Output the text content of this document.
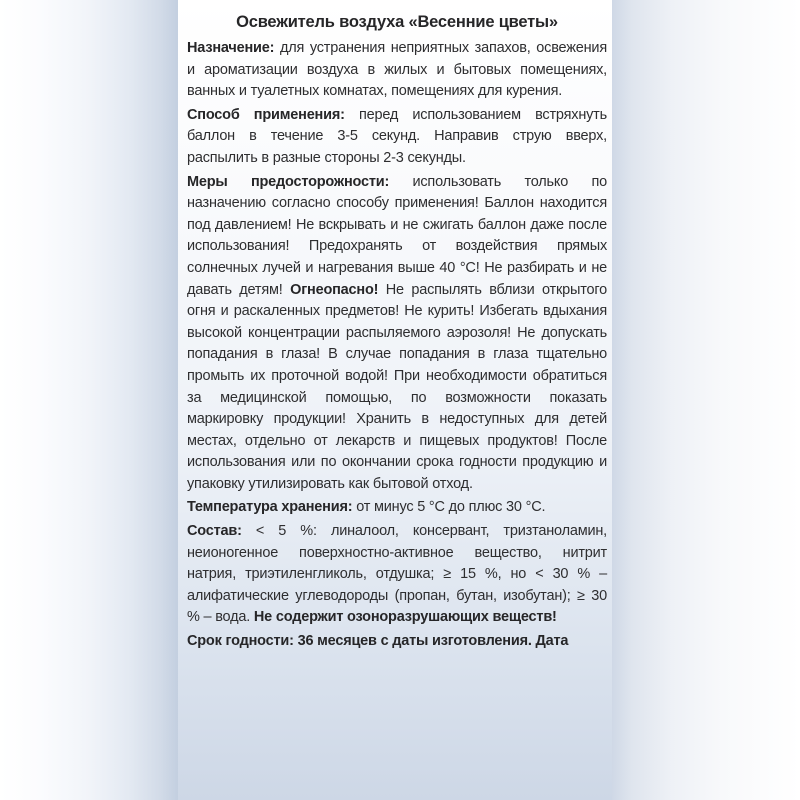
Освежитель воздуха «Весенние цветы»

Назначение: для устранения неприятных запахов, освежения и ароматизации воздуха в жилых и бытовых помещениях, ванных и туалетных комнатах, помещениях для курения.

Способ применения: перед использованием встряхнуть баллон в течение 3-5 секунд. Направив струю вверх, распылить в разные стороны 2-3 секунды.

Меры предосторожности: использовать только по назначению согласно способу применения! Баллон находится под давлением! Не вскрывать и не сжигать баллон даже после использования! Предохранять от воздействия прямых солнечных лучей и нагревания выше 40 °С! Не разбирать и не давать детям! Огнеопасно! Не распылять вблизи открытого огня и раскаленных предметов! Не курить! Избегать вдыхания высокой концентрации распыляемого аэрозоля! Не допускать попадания в глаза! В случае попадания в глаза тщательно промыть их проточной водой! При необходимости обратиться за медицинской помощью, по возможности показать маркировку продукции! Хранить в недоступных для детей местах, отдельно от лекарств и пищевых продуктов! После использования или по окончании срока годности продукцию и упаковку утилизировать как бытовой отход.

Температура хранения: от минус 5 °С до плюс 30 °С.

Состав: < 5 %: линалоол, консервант, тризтаноламин, неионогенное поверхностно-активное вещество, нитрит натрия, триэтиленгликоль, отдушка; ≥ 15 %, но < 30 % – алифатические углеводороды (пропан, бутан, изобутан); ≥ 30 % – вода. Не содержит озоноразрушающих веществ!

Срок годности: 36 месяцев с даты изготовления. Дата
